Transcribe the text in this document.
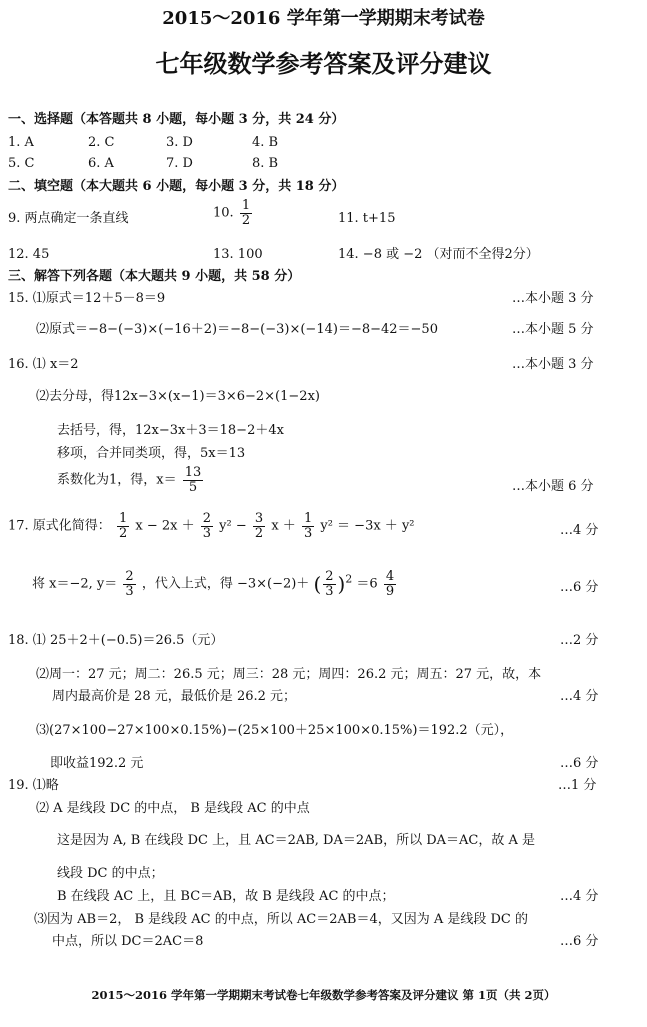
2015～2016 学年第一学期期末考试卷
七年级数学参考答案及评分建议
一、选择题（本答题共 8 小题，每小题 3 分，共 24 分）
1. A	2. C	3. D	4. B
5. C	6. A	7. D	8. B
二、填空题（本大题共 6 小题，每小题 3 分，共 18 分）
9. 两点确定一条直线	10. $\frac{1}{2}$	11. t+15
12. 45	13. 100	14. −8 或 −2 （对而不全得2分）
三、解答下列各题（本大题共 9 小题，共 58 分）
15. ⑴原式＝12＋5－8＝9	…本小题 3 分
⑵原式＝−8−(−3)×(−16＋2)＝−8−(−3)×(−14)＝−8−42＝−50	…本小题 5 分
16. ⑴ x＝2	…本小题 3 分
⑵去分母，得12x−3×(x−1)＝3×6−2×(1−2x)
去括号，得，12x−3x＋3＝18−2＋4x
移项，合并同类项，得，5x＝13
系数化为1，得，$x= \frac{13}{5}$	…本小题 6 分
17. 原式化简得： $\frac{1}{2}$ $x - 2x + \frac{2}{3} y^2 - \frac{3}{2}$ $x + \frac{1}{3} y^2 = -3x + y^2$	…4 分
将 x＝−2, $y= \frac{2}{3}$ ，代入上式，得 −3×(−2)＋ ( $\frac{2}{3} )^2 =6 \frac{4}{9}$	…6 分
18. ⑴ 25＋2＋(−0.5)＝26.5（元）	…2 分
⑵周一：27 元；周二：26.5 元；周三：28 元；周四：26.2 元；周五：27 元，故，本
周内最高价是 28 元，最低价是 26.2 元；	…4 分
⑶(27×100−27×100×0.15%)−(25×100＋25×100×0.15%)＝192.2（元），
即收益192.2 元	…6 分
19. ⑴略	…1 分
⑵ A 是线段 DC 的中点， B 是线段 AC 的中点
这是因为 A, B 在线段 DC 上，且 AC＝2AB, DA＝2AB，所以 DA＝AC，故 A 是
线段 DC 的中点；
B 在线段 AC 上，且 BC＝AB，故 B 是线段 AC 的中点；	…4 分
⑶因为 AB＝2， B 是线段 AC 的中点，所以 AC＝2AB＝4，又因为 A 是线段 DC 的
中点，所以 DC＝2AC＝8	…6 分
2015～2016 学年第一学期期末考试卷七年级数学参考答案及评分建议 第 1页（共 2页）
